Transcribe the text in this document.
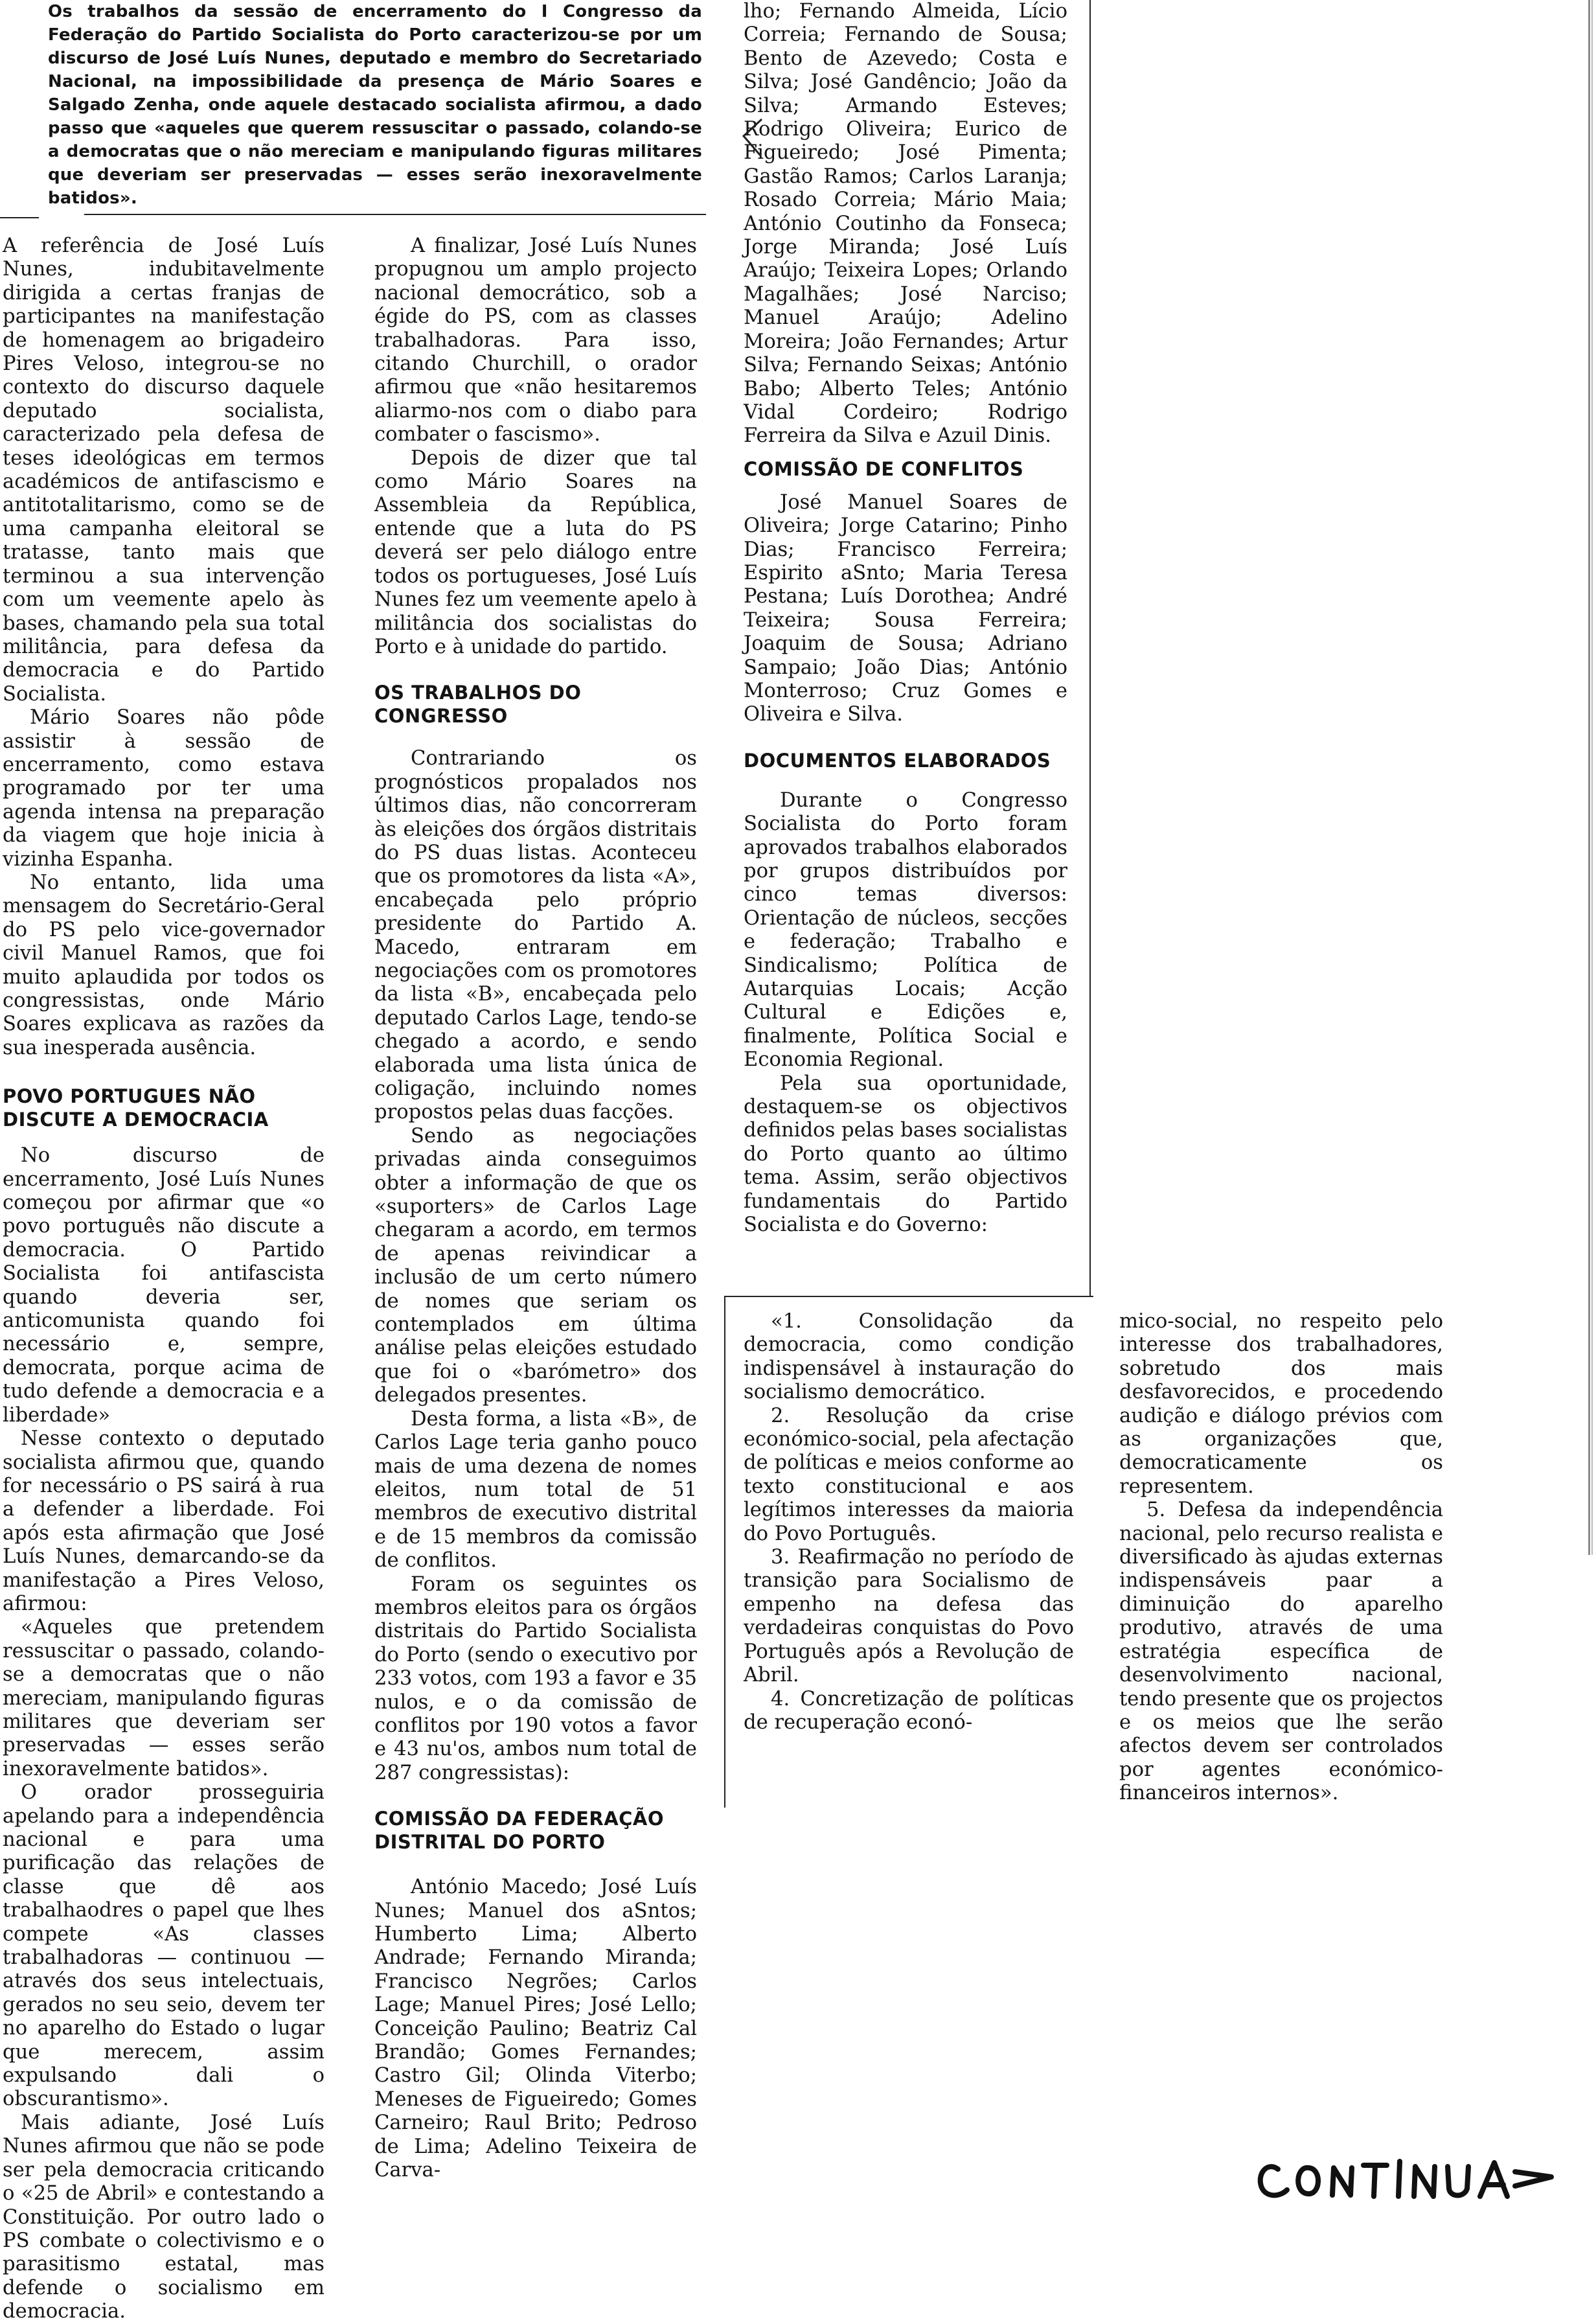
Os trabalhos da sessão de encerramento do I Congresso da Federação do Partido Socialista do Porto caracterizou-se por um discurso de José Luís Nunes, deputado e membro do Secretariado Nacional, na impossibilidade da presença de Mário Soares e Salgado Zenha, onde aquele destacado socialista afirmou, a dado passo que «aqueles que querem ressuscitar o passado, colando-se a democratas que o não mereciam e manipulando figuras militares que deveriam ser preservadas — esses serão inexoravelmente batidos».

A referência de José Luís Nunes, indubitavelmente dirigida a certas franjas de participantes na manifestação de homenagem ao brigadeiro Pires Veloso, integrou-se no contexto do discurso daquele deputado socialista, caracterizado pela defesa de teses ideológicas em termos académicos de antifascismo e antitotalitarismo, como se de uma campanha eleitoral se tratasse, tanto mais que terminou a sua intervenção com um veemente apelo às bases, chamando pela sua total militância, para defesa da democracia e do Partido Socialista.

Mário Soares não pôde assistir à sessão de encerramento, como estava programado por ter uma agenda intensa na preparação da viagem que hoje inicia à vizinha Espanha.

No entanto, lida uma mensagem do Secretário-Geral do PS pelo vice-governador civil Manuel Ramos, que foi muito aplaudida por todos os congressistas, onde Mário Soares explicava as razões da sua inesperada ausência.

POVO PORTUGUES NÃO DISCUTE A DEMOCRACIA

No discurso de encerramento, José Luís Nunes começou por afirmar que «o povo português não discute a democracia. O Partido Socialista foi antifascista quando deveria ser, anticomunista quando foi necessário e, sempre, democrata, porque acima de tudo defende a democracia e a liberdade»

Nesse contexto o deputado socialista afirmou que, quando for necessário o PS sairá à rua a defender a liberdade. Foi após esta afirmação que José Luís Nunes, demarcando-se da manifestação a Pires Veloso, afirmou:

«Aqueles que pretendem ressuscitar o passado, colando-se a democratas que o não mereciam, manipulando figuras militares que deveriam ser preservadas — esses serão inexoravelmente batidos».

O orador prosseguiria apelando para a independência nacional e para uma purificação das relações de classe que dê aos trabalhaodres o papel que lhes compete «As classes trabalhadoras — continuou — através dos seus intelectuais, gerados no seu seio, devem ter no aparelho do Estado o lugar que merecem, assim expulsando dali o obscurantismo».

Mais adiante, José Luís Nunes afirmou que não se pode ser pela democracia criticando o «25 de Abril» e contestando a Constituição. Por outro lado o PS combate o colectivismo e o parasitismo estatal, mas defende o socialismo em democracia.

A finalizar, José Luís Nunes propugnou um amplo projecto nacional democrático, sob a égide do PS, com as classes trabalhadoras. Para isso, citando Churchill, o orador afirmou que «não hesitaremos aliarmo-nos com o diabo para combater o fascismo».

Depois de dizer que tal como Mário Soares na Assembleia da República, entende que a luta do PS deverá ser pelo diálogo entre todos os portugueses, José Luís Nunes fez um veemente apelo à militância dos socialistas do Porto e à unidade do partido.

OS TRABALHOS DO CONGRESSO

Contrariando os prognósticos propalados nos últimos dias, não concorreram às eleições dos órgãos distritais do PS duas listas. Aconteceu que os promotores da lista «A», encabeçada pelo próprio presidente do Partido A. Macedo, entraram em negociações com os promotores da lista «B», encabeçada pelo deputado Carlos Lage, tendo-se chegado a acordo, e sendo elaborada uma lista única de coligação, incluindo nomes propostos pelas duas facções.

Sendo as negociações privadas ainda conseguimos obter a informação de que os «suporters» de Carlos Lage chegaram a acordo, em termos de apenas reivindicar a inclusão de um certo número de nomes que seriam os contemplados em última análise pelas eleições estudado que foi o «barómetro» dos delegados presentes.

Desta forma, a lista «B», de Carlos Lage teria ganho pouco mais de uma dezena de nomes eleitos, num total de 51 membros de executivo distrital e de 15 membros da comissão de conflitos.

Foram os seguintes os membros eleitos para os órgãos distritais do Partido Socialista do Porto (sendo o executivo por 233 votos, com 193 a favor e 35 nulos, e o da comissão de conflitos por 190 votos a favor e 43 nu'os, ambos num total de 287 congressistas):

COMISSÃO DA FEDERAÇÃO DISTRITAL DO PORTO

António Macedo; José Luís Nunes; Manuel dos aSntos; Humberto Lima; Alberto Andrade; Fernando Miranda; Francisco Negrões; Carlos Lage; Manuel Pires; José Lello; Conceição Paulino; Beatriz Cal Brandão; Gomes Fernandes; Castro Gil; Olinda Viterbo; Meneses de Figueiredo; Gomes Carneiro; Raul Brito; Pedroso de Lima; Adelino Teixeira de Carva-

lho; Fernando Almeida, Lício Correia; Fernando de Sousa; Bento de Azevedo; Costa e Silva; José Gandêncio; João da Silva; Armando Esteves; Rodrigo Oliveira; Eurico de Figueiredo; José Pimenta; Gastão Ramos; Carlos Laranja; Rosado Correia; Mário Maia; António Coutinho da Fonseca; Jorge Miranda; José Luís Araújo; Teixeira Lopes; Orlando Magalhães; José Narciso; Manuel Araújo; Adelino Moreira; João Fernandes; Artur Silva; Fernando Seixas; António Babo; Alberto Teles; António Vidal Cordeiro; Rodrigo Ferreira da Silva e Azuil Dinis.

COMISSÃO DE CONFLITOS

José Manuel Soares de Oliveira; Jorge Catarino; Pinho Dias; Francisco Ferreira; Espirito aSnto; Maria Teresa Pestana; Luís Dorothea; André Teixeira; Sousa Ferreira; Joaquim de Sousa; Adriano Sampaio; João Dias; António Monterroso; Cruz Gomes e Oliveira e Silva.

DOCUMENTOS ELABORADOS

Durante o Congresso Socialista do Porto foram aprovados trabalhos elaborados por grupos distribuídos por cinco temas diversos: Orientação de núcleos, secções e federação; Trabalho e Sindicalismo; Política de Autarquias Locais; Acção Cultural e Edições e, finalmente, Política Social e Economia Regional.

Pela sua oportunidade, destaquem-se os objectivos definidos pelas bases socialistas do Porto quanto ao último tema. Assim, serão objectivos fundamentais do Partido Socialista e do Governo:

«1. Consolidação da democracia, como condição indispensável à instauração do socialismo democrático.

2. Resolução da crise económico-social, pela afectação de políticas e meios conforme ao texto constitucional e aos legítimos interesses da maioria do Povo Português.

3. Reafirmação no período de transição para Socialismo de empenho na defesa das verdadeiras conquistas do Povo Português após a Revolução de Abril.

4. Concretização de políticas de recuperação econó-

mico-social, no respeito pelo interesse dos trabalhadores, sobretudo dos mais desfavorecidos, e procedendo audição e diálogo prévios com as organizações que, democraticamente os representem.

5. Defesa da independência nacional, pelo recurso realista e diversificado às ajudas externas indispensáveis paar a diminuição do aparelho produtivo, através de uma estratégia específica de desenvolvimento nacional, tendo presente que os projectos e os meios que lhe serão afectos devem ser controlados por agentes económico-financeiros internos».

CONTINUA
